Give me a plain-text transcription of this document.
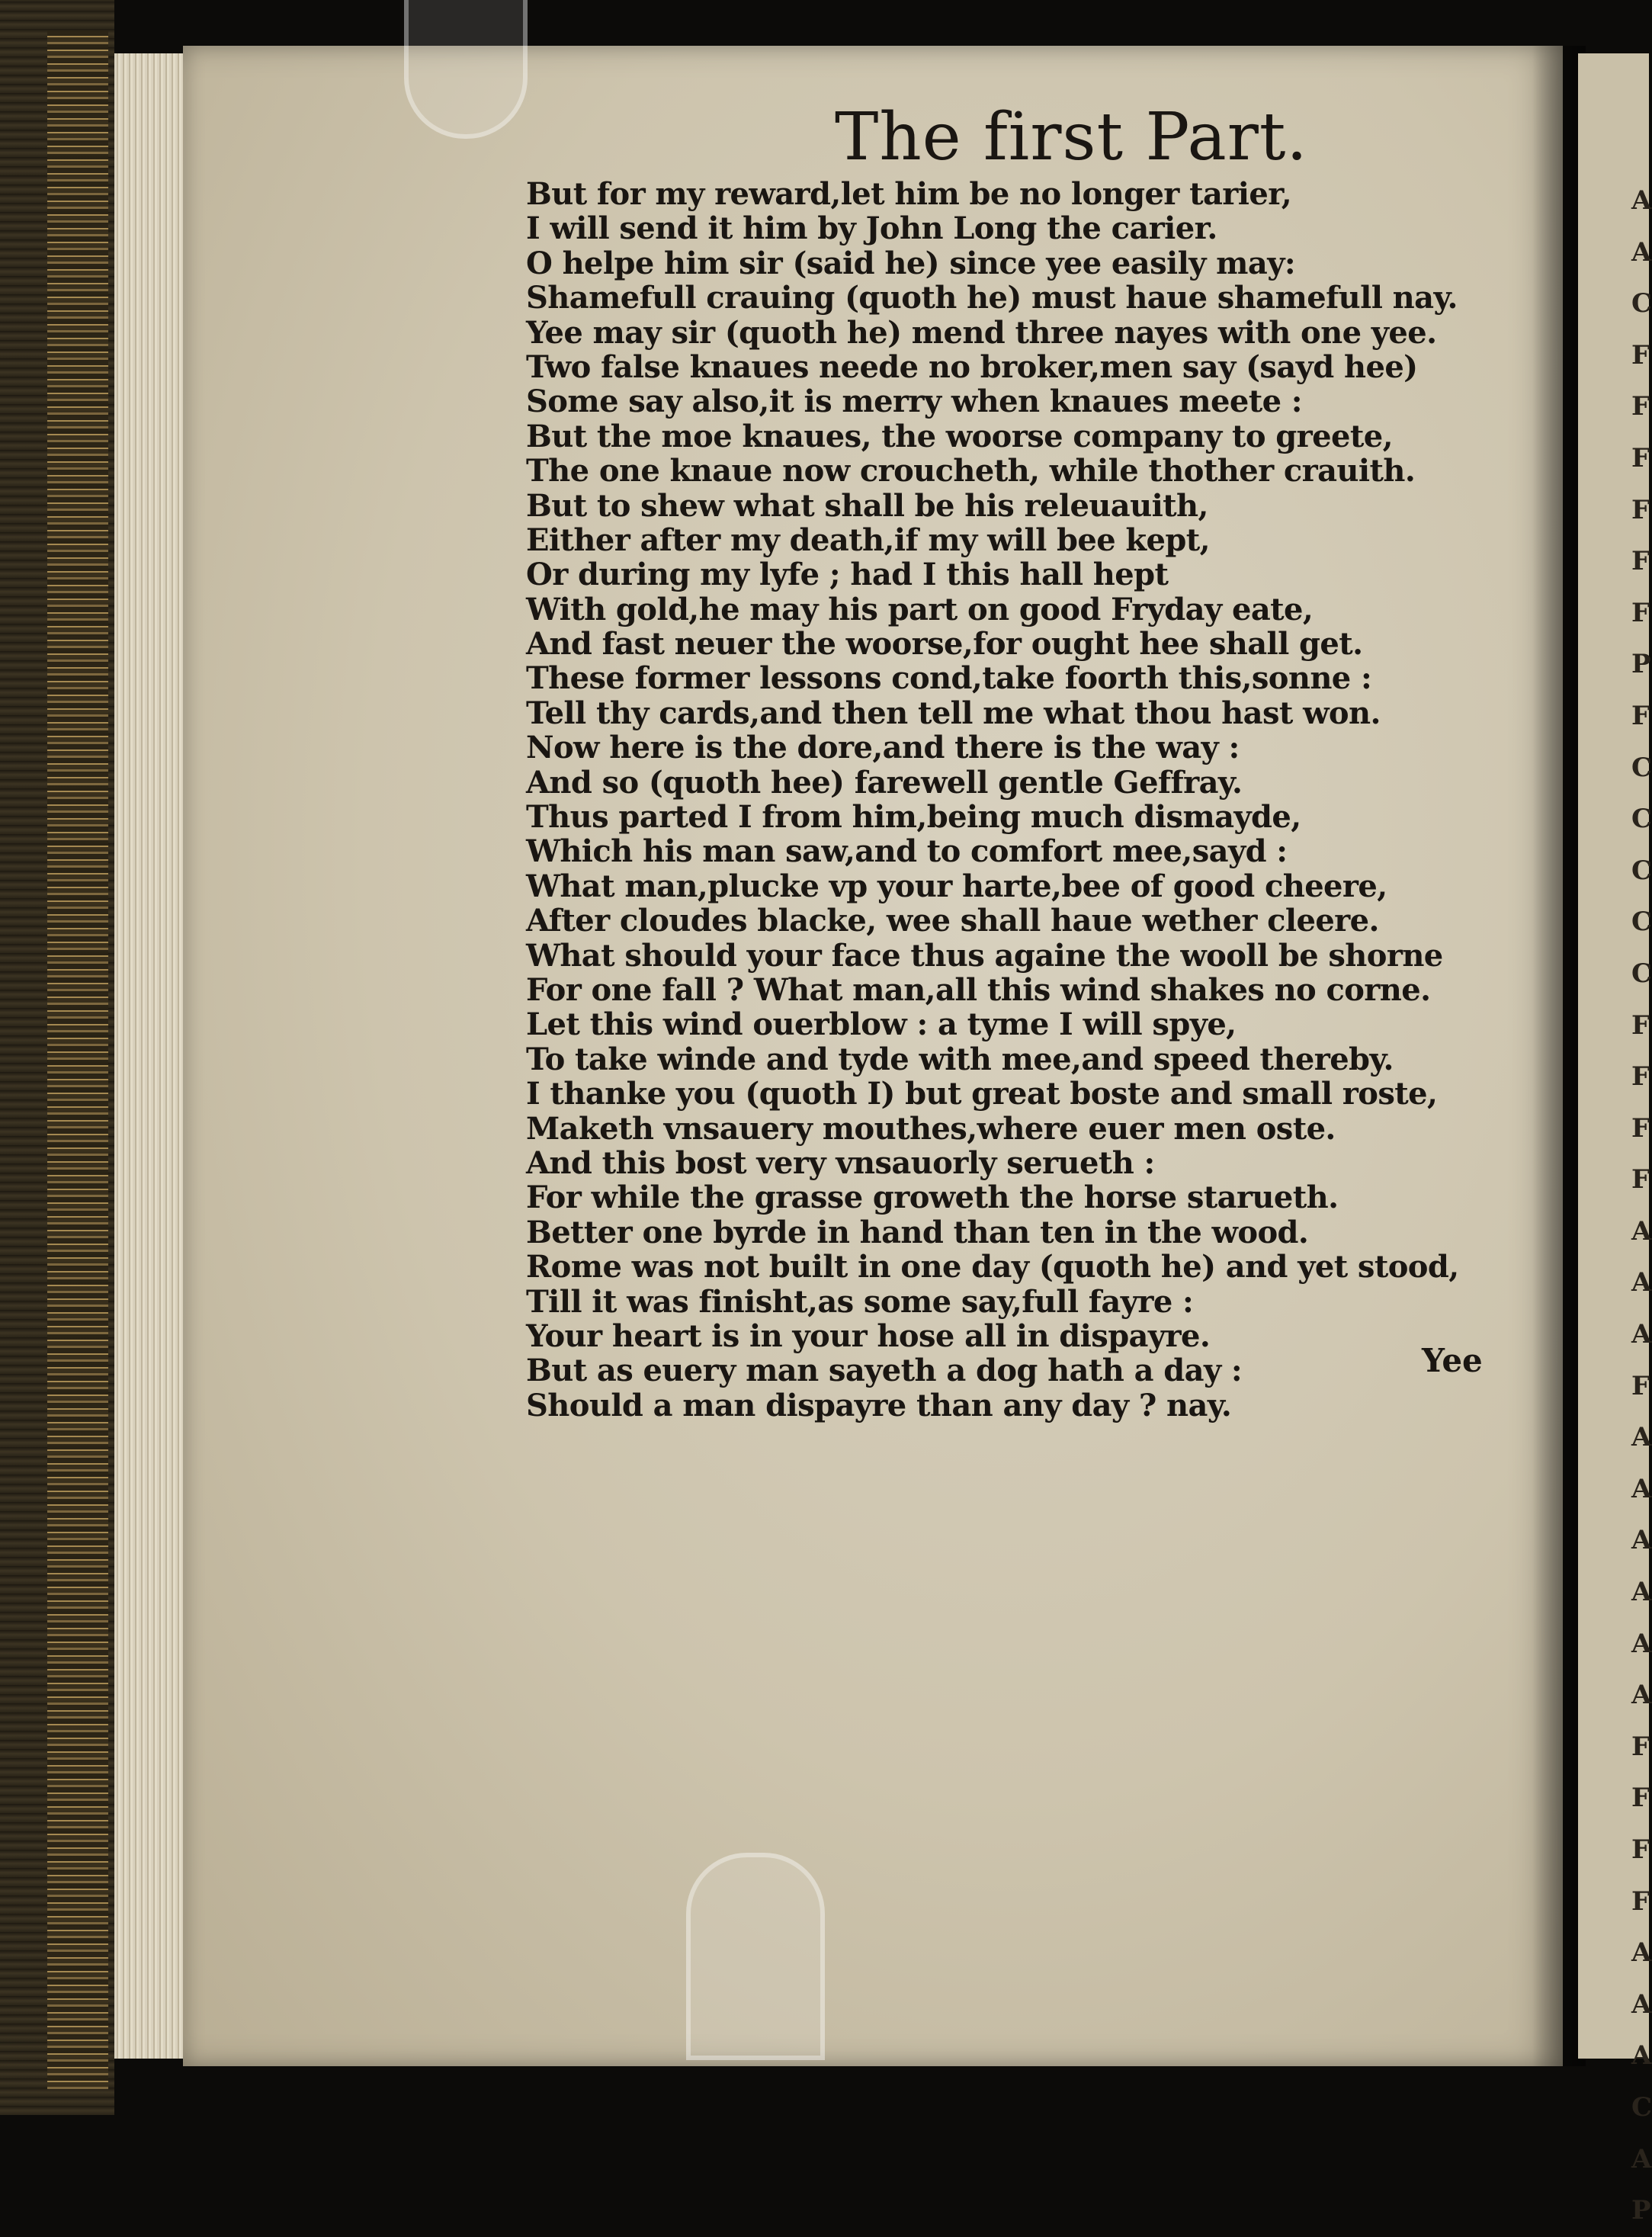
A
A
C
F
F
F
F
F
F
P
F
C
C
C
C
C
F
F
F
F
A
A
A
F
A
A
A
A
A
A
F
F
F
F
A
A
A
C
A
P
The first Part.
But for my reward,let him be no longer tarier,
I will send it him by John Long the carier.
O helpe him sir (said he) since yee easily may:
Shamefull crauing (quoth he) must haue shamefull nay.
Yee may sir (quoth he) mend three nayes with one yee.
Two false knaues neede no broker,men say (sayd hee)
Some say also,it is merry when knaues meete :
But the moe knaues, the woorse company to greete,
The one knaue now croucheth, while thother crauith.
But to shew what shall be his releuauith,
Either after my death,if my will bee kept,
Or during my lyfe ; had I this hall hept
With gold,he may his part on good Fryday eate,
And fast neuer the woorse,for ought hee shall get.
These former lessons cond,take foorth this,sonne :
Tell thy cards,and then tell me what thou hast won.
Now here is the dore,and there is the way :
And so (quoth hee) farewell gentle Geffray.
Thus parted I from him,being much dismayde,
Which his man saw,and to comfort mee,sayd :
What man,plucke vp your harte,bee of good cheere,
After cloudes blacke, wee shall haue wether cleere.
What should your face thus againe the wooll be shorne
For one fall ? What man,all this wind shakes no corne.
Let this wind ouerblow : a tyme I will spye,
To take winde and tyde with mee,and speed thereby.
I thanke you (quoth I) but great boste and small roste,
Maketh vnsauery mouthes,where euer men oste.
And this bost very vnsauorly serueth :
For while the grasse groweth the horse starueth.
Better one byrde in hand than ten in the wood.
Rome was not built in one day (quoth he) and yet stood,
Till it was finisht,as some say,full fayre :
Your heart is in your hose all in dispayre.
But as euery man sayeth a dog hath a day :
Should a man dispayre than any day ? nay.
Yee
